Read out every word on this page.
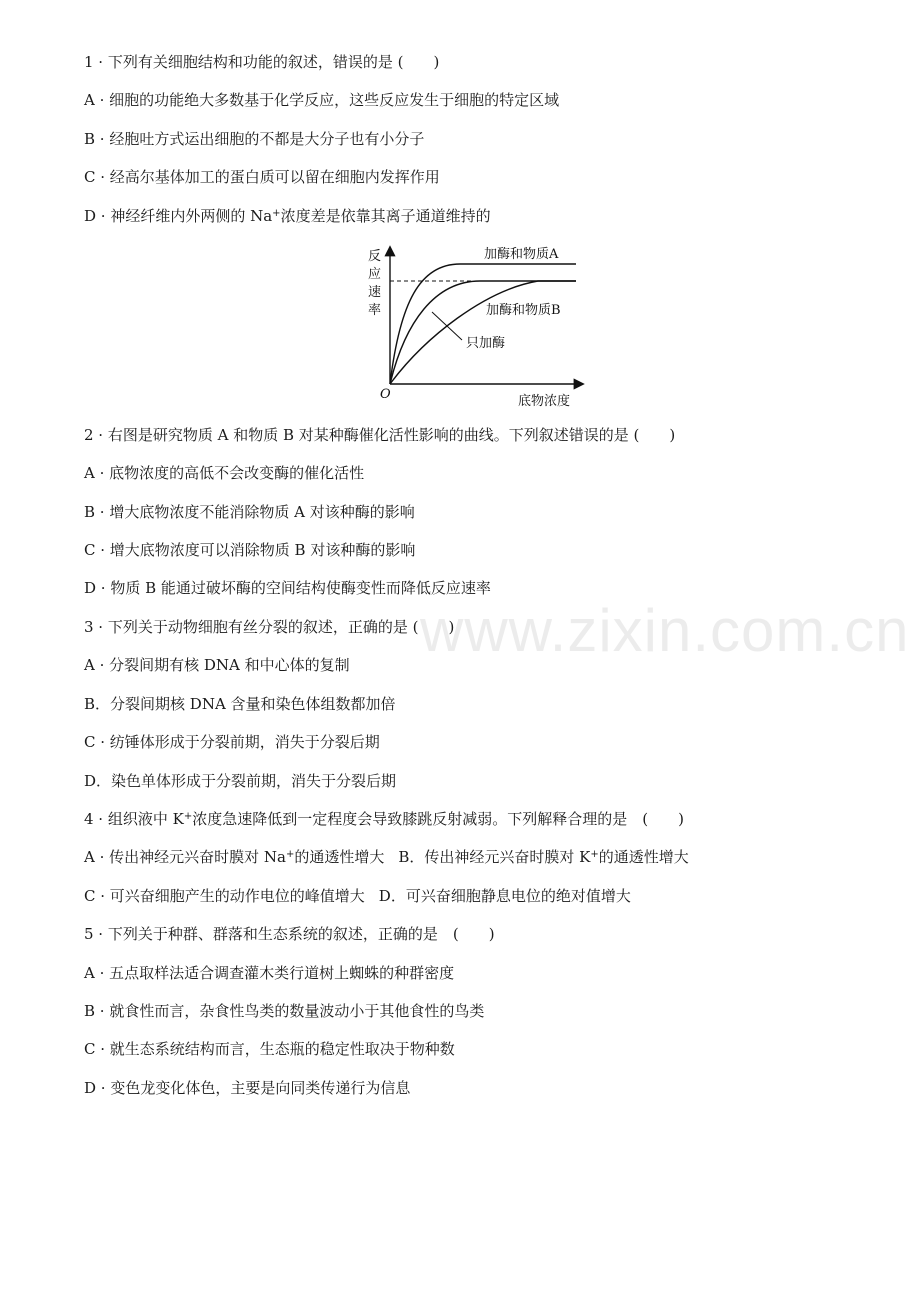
www.zixin.com.cn
1 · 下列有关细胞结构和功能的叙述，错误的是 (　　)
A · 细胞的功能绝大多数基于化学反应，这些反应发生于细胞的特定区域
B · 经胞吐方式运出细胞的不都是大分子也有小分子
C · 经高尔基体加工的蛋白质可以留在细胞内发挥作用
D · 神经纤维内外两侧的 Na+浓度差是依靠其离子通道维持的
反
应
速
率
O	底物浓度
加酶和物质A
加酶和物质B
只加酶
2 · 右图是研究物质 A 和物质 B 对某种酶催化活性影响的曲线。下列叙述错误的是 (　　)
A · 底物浓度的高低不会改变酶的催化活性
B · 增大底物浓度不能消除物质 A 对该种酶的影响
C · 增大底物浓度可以消除物质 B 对该种酶的影响
D · 物质 B 能通过破坏酶的空间结构使酶变性而降低反应速率
3 · 下列关于动物细胞有丝分裂的叙述，正确的是 (　　)
A · 分裂间期有核 DNA 和中心体的复制
B．分裂间期核 DNA 含量和染色体组数都加倍
C · 纺锤体形成于分裂前期，消失于分裂后期
D．染色单体形成于分裂前期，消失于分裂后期
4 · 组织液中 K+浓度急速降低到一定程度会导致膝跳反射减弱。下列解释合理的是　(　　)
A · 传出神经元兴奋时膜对 Na+的通透性增大 B．传出神经元兴奋时膜对 K+的通透性增大
C · 可兴奋细胞产生的动作电位的峰值增大 D．可兴奋细胞静息电位的绝对值增大
5 · 下列关于种群、群落和生态系统的叙述，正确的是　(　　)
A · 五点取样法适合调查灌木类行道树上蜘蛛的种群密度
B · 就食性而言，杂食性鸟类的数量波动小于其他食性的鸟类
C · 就生态系统结构而言，生态瓶的稳定性取决于物种数
D · 变色龙变化体色，主要是向同类传递行为信息
